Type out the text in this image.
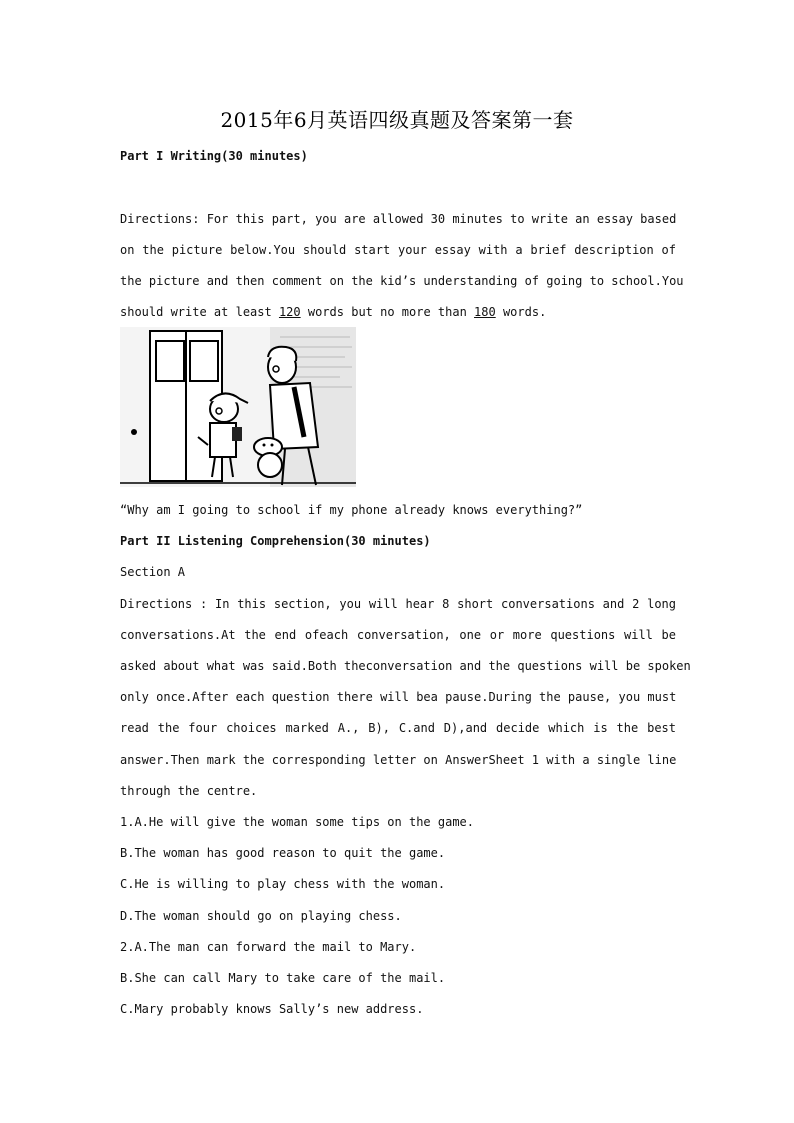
2015年6月英语四级真题及答案第一套
Part I Writing(30 minutes)
Directions: For this part, you are allowed 30 minutes to write an essay based
on the picture below.You should start your essay with a brief description of
the picture and then comment on the kid’s understanding of going to school.You
should write at least 120 words but no more than 180 words.
“Why am I going to school if my phone already knows everything?”
Part II Listening Comprehension(30 minutes)
Section A
Directions : In this section, you will hear 8 short conversations and 2 long
conversations.At the end ofeach conversation, one or more questions will be
asked about what was said.Both theconversation and the questions will be spoken
only once.After each question there will bea pause.During the pause, you must
read the four choices marked A., B), C.and D),and decide which is the best
answer.Then mark the corresponding letter on AnswerSheet 1 with a single line
through the centre.
1.A.He will give the woman some tips on the game.
B.The woman has good reason to quit the game.
C.He is willing to play chess with the woman.
D.The woman should go on playing chess.
2.A.The man can forward the mail to Mary.
B.She can call Mary to take care of the mail.
C.Mary probably knows Sally’s new address.
